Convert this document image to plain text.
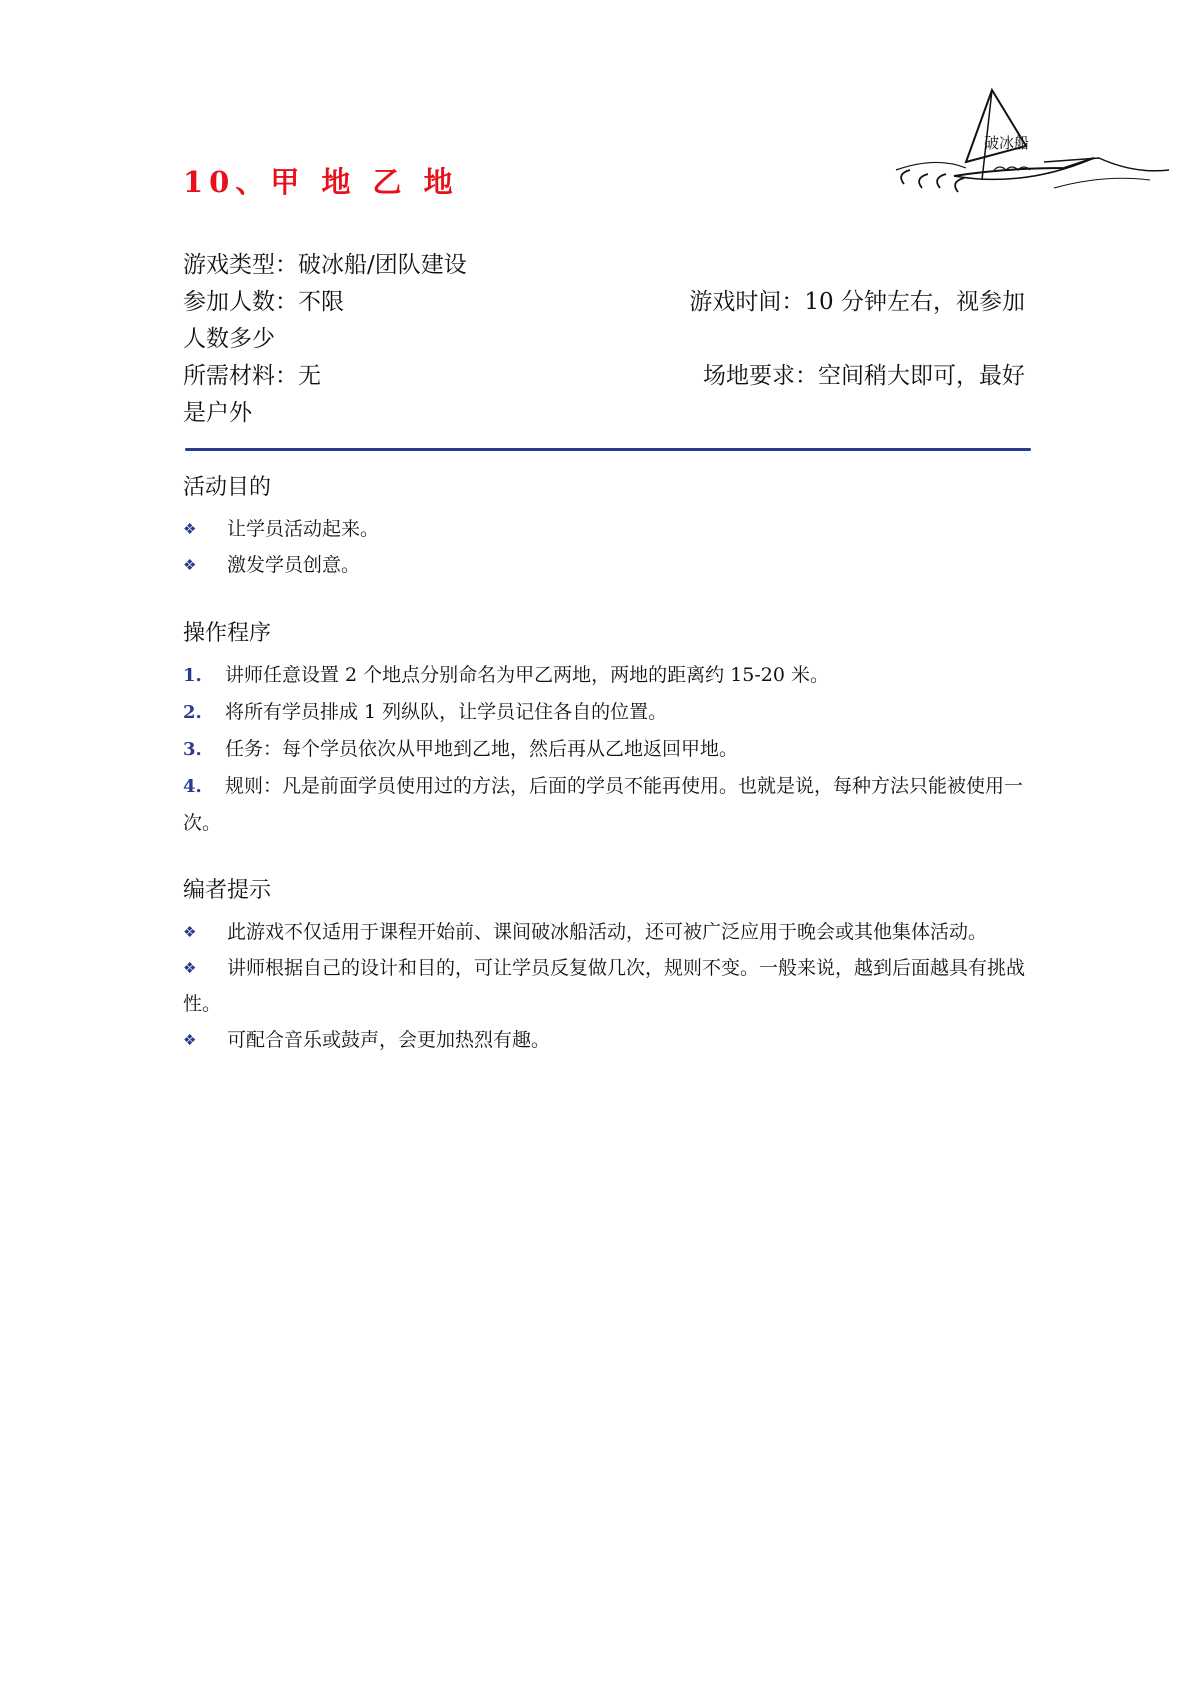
破冰船
10、甲 地 乙 地
游戏类型：破冰船/团队建设
参加人数：不限	游戏时间：10 分钟左右，视参加
人数多少
所需材料：无	场地要求：空间稍大即可，最好
是户外
活动目的
❖ 让学员活动起来。
❖ 激发学员创意。
操作程序
1. 讲师任意设置 2 个地点分别命名为甲乙两地，两地的距离约 15-20 米。
2. 将所有学员排成 1 列纵队，让学员记住各自的位置。
3. 任务：每个学员依次从甲地到乙地，然后再从乙地返回甲地。
4. 规则：凡是前面学员使用过的方法，后面的学员不能再使用。也就是说，每种方法只能被使用一次。
编者提示
❖ 此游戏不仅适用于课程开始前、课间破冰船活动，还可被广泛应用于晚会或其他集体活动。
❖ 讲师根据自己的设计和目的，可让学员反复做几次，规则不变。一般来说，越到后面越具有挑战性。
❖ 可配合音乐或鼓声，会更加热烈有趣。
